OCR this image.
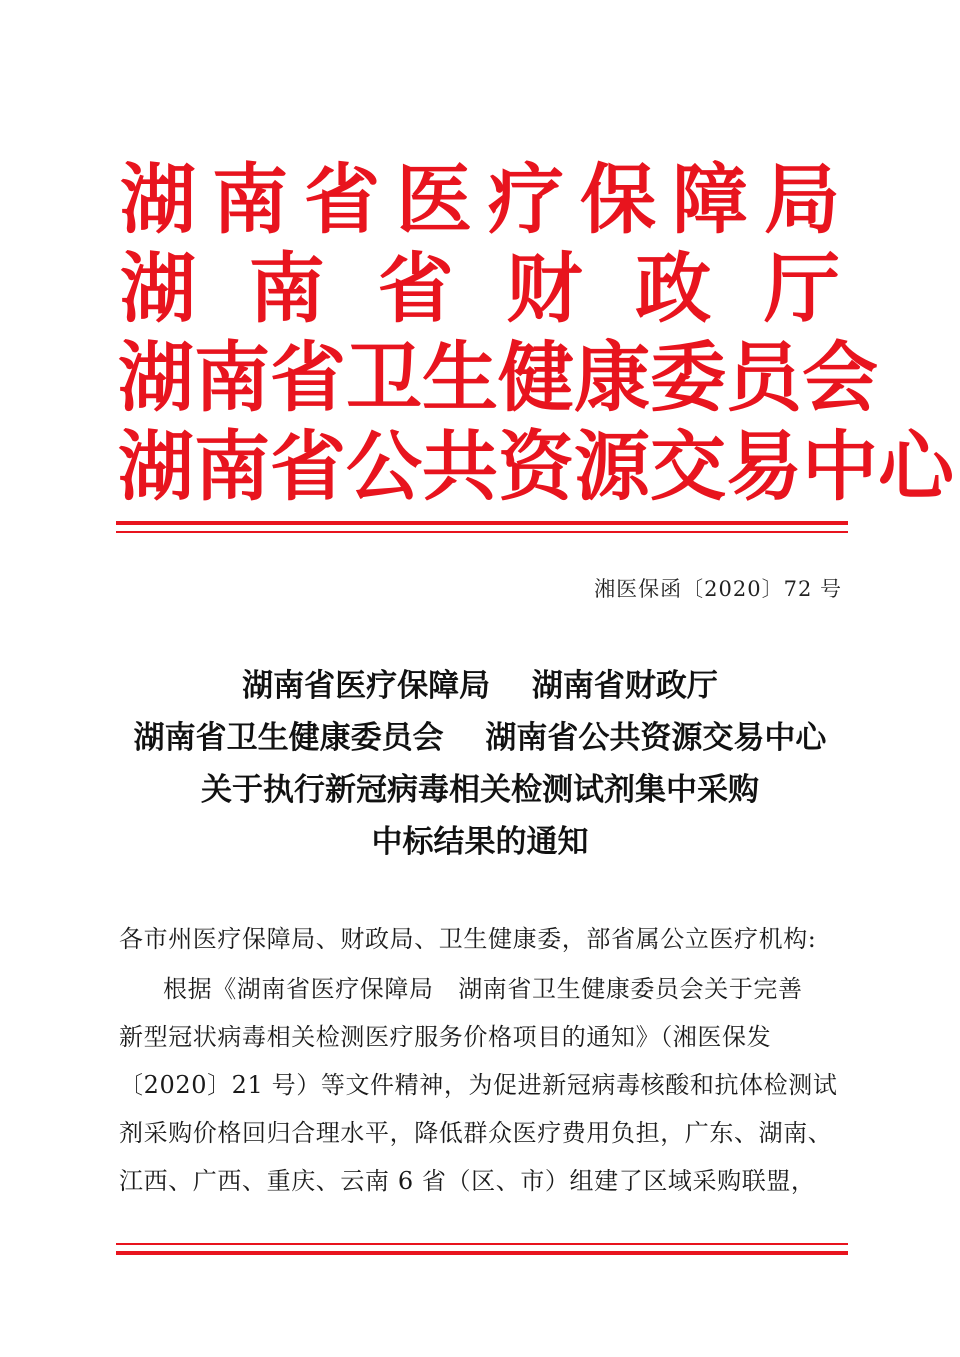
湖 南 省 医 疗 保 障 局
湖 南 省 财 政 厅
湖 南 省 卫 生 健 康 委 员 会
湖 南 省 公 共 资 源 交 易 中 心
湘医保函〔2020〕72 号
湖南省医疗保障局　 湖南省财政厅
湖南省卫生健康委员会　 湖南省公共资源交易中心
关于执行新冠病毒相关检测试剂集中采购
中标结果的通知
各市州医疗保障局、财政局、卫生健康委，部省属公立医疗机构:
根据《湖南省医疗保障局　湖南省卫生健康委员会关于完善
新型冠状病毒相关检测医疗服务价格项目的通知》（湘医保发
〔2020〕21 号）等文件精神，为促进新冠病毒核酸和抗体检测试
剂采购价格回归合理水平，降低群众医疗费用负担，广东、湖南、
江西、广西、重庆、云南 6 省（区、市）组建了区域采购联盟，
